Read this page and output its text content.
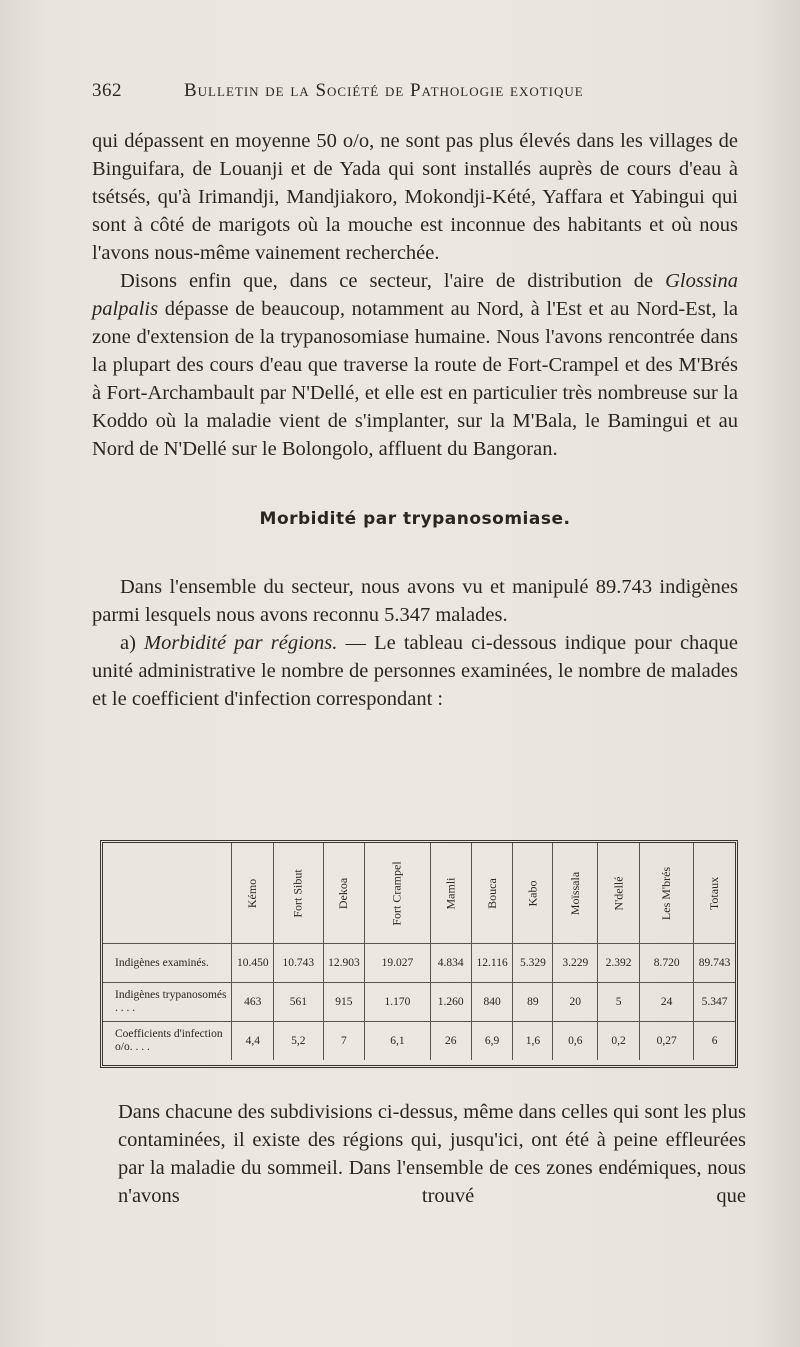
362	Bulletin de la Société de Pathologie exotique

qui dépassent en moyenne 50 o/o, ne sont pas plus élevés dans les villages de Binguifara, de Louanji et de Yada qui sont installés auprès de cours d'eau à tsétsés, qu'à Irimandji, Mandjiakoro, Mokondji-Kété, Yaffara et Yabingui qui sont à côté de marigots où la mouche est inconnue des habitants et où nous l'avons nous-même vainement recherchée.

Disons enfin que, dans ce secteur, l'aire de distribution de Glossina palpalis dépasse de beaucoup, notamment au Nord, à l'Est et au Nord-Est, la zone d'extension de la trypanosomiase humaine. Nous l'avons rencontrée dans la plupart des cours d'eau que traverse la route de Fort-Crampel et des M'Brés à Fort-Archambault par N'Dellé, et elle est en particulier très nombreuse sur la Koddo où la maladie vient de s'implanter, sur la M'Bala, le Bamingui et au Nord de N'Dellé sur le Bolongolo, affluent du Bangoran.

Morbidité par trypanosomiase.

Dans l'ensemble du secteur, nous avons vu et manipulé 89.743 indigènes parmi lesquels nous avons reconnu 5.347 malades.

a) Morbidité par régions. — Le tableau ci-dessous indique pour chaque unité administrative le nombre de personnes examinées, le nombre de malades et le coefficient d'infection correspondant :

	Kémo	Fort Sibut	Dekoa	Fort Crampel	Mamli	Bouca	Kabo	Moïssala	N'dellé	Les M'brés	Totaux
Indigènes examinés.	10.450	10.743	12.903	19.027	4.834	12.116	5.329	3.229	2.392	8.720	89.743
Indigènes trypanosomés . . . .	463	561	915	1.170	1.260	840	89	20	5	24	5.347
Coefficients d'infection o/o. . . .	4,4	5,2	7	6,1	26	6,9	1,6	0,6	0,2	0,27	6

Dans chacune des subdivisions ci-dessus, même dans celles qui sont les plus contaminées, il existe des régions qui, jusqu'ici, ont été à peine effleurées par la maladie du sommeil. Dans l'ensemble de ces zones endémiques, nous n'avons trouvé que
